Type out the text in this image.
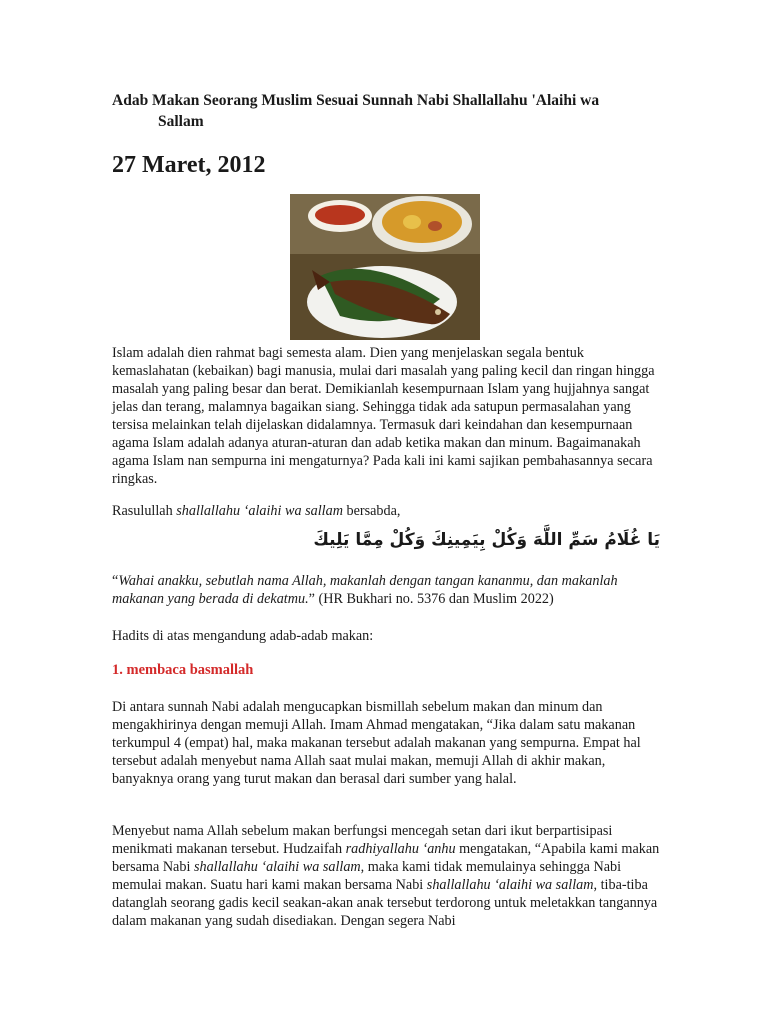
Adab Makan Seorang Muslim Sesuai Sunnah Nabi Shallallahu 'Alaihi wa
Sallam
27 Maret, 2012

Islam adalah dien rahmat bagi semesta alam. Dien yang menjelaskan segala bentuk kemaslahatan (kebaikan) bagi manusia, mulai dari masalah yang paling kecil dan ringan hingga masalah yang paling besar dan berat. Demikianlah kesempurnaan Islam yang hujjahnya sangat jelas dan terang, malamnya bagaikan siang. Sehingga tidak ada satupun permasalahan yang tersisa melainkan telah dijelaskan didalamnya. Termasuk dari keindahan dan kesempurnaan agama Islam adalah adanya aturan-aturan dan adab ketika makan dan minum. Bagaimanakah agama Islam nan sempurna ini mengaturnya? Pada kali ini kami sajikan pembahasannya secara ringkas.

Rasulullah shallallahu ‘alaihi wa sallam bersabda,

يَا غُلَامُ سَمِّ اللَّهَ وَكُلْ بِيَمِينِكَ وَكُلْ مِمَّا يَلِيكَ

“Wahai anakku, sebutlah nama Allah, makanlah dengan tangan kananmu, dan makanlah makanan yang berada di dekatmu.” (HR Bukhari no. 5376 dan Muslim 2022)

Hadits di atas mengandung adab-adab makan:

1. membaca basmallah

Di antara sunnah Nabi adalah mengucapkan bismillah sebelum makan dan minum dan mengakhirinya dengan memuji Allah. Imam Ahmad mengatakan, “Jika dalam satu makanan terkumpul 4 (empat) hal, maka makanan tersebut adalah makanan yang sempurna. Empat hal tersebut adalah menyebut nama Allah saat mulai makan, memuji Allah di akhir makan, banyaknya orang yang turut makan dan berasal dari sumber yang halal.

Menyebut nama Allah sebelum makan berfungsi mencegah setan dari ikut berpartisipasi menikmati makanan tersebut. Hudzaifah radhiyallahu ‘anhu mengatakan, “Apabila kami makan bersama Nabi shallallahu ‘alaihi wa sallam, maka kami tidak memulainya sehingga Nabi memulai makan. Suatu hari kami makan bersama Nabi shallallahu ‘alaihi wa sallam, tiba-tiba datanglah seorang gadis kecil seakan-akan anak tersebut terdorong untuk meletakkan tangannya dalam makanan yang sudah disediakan. Dengan segera Nabi
